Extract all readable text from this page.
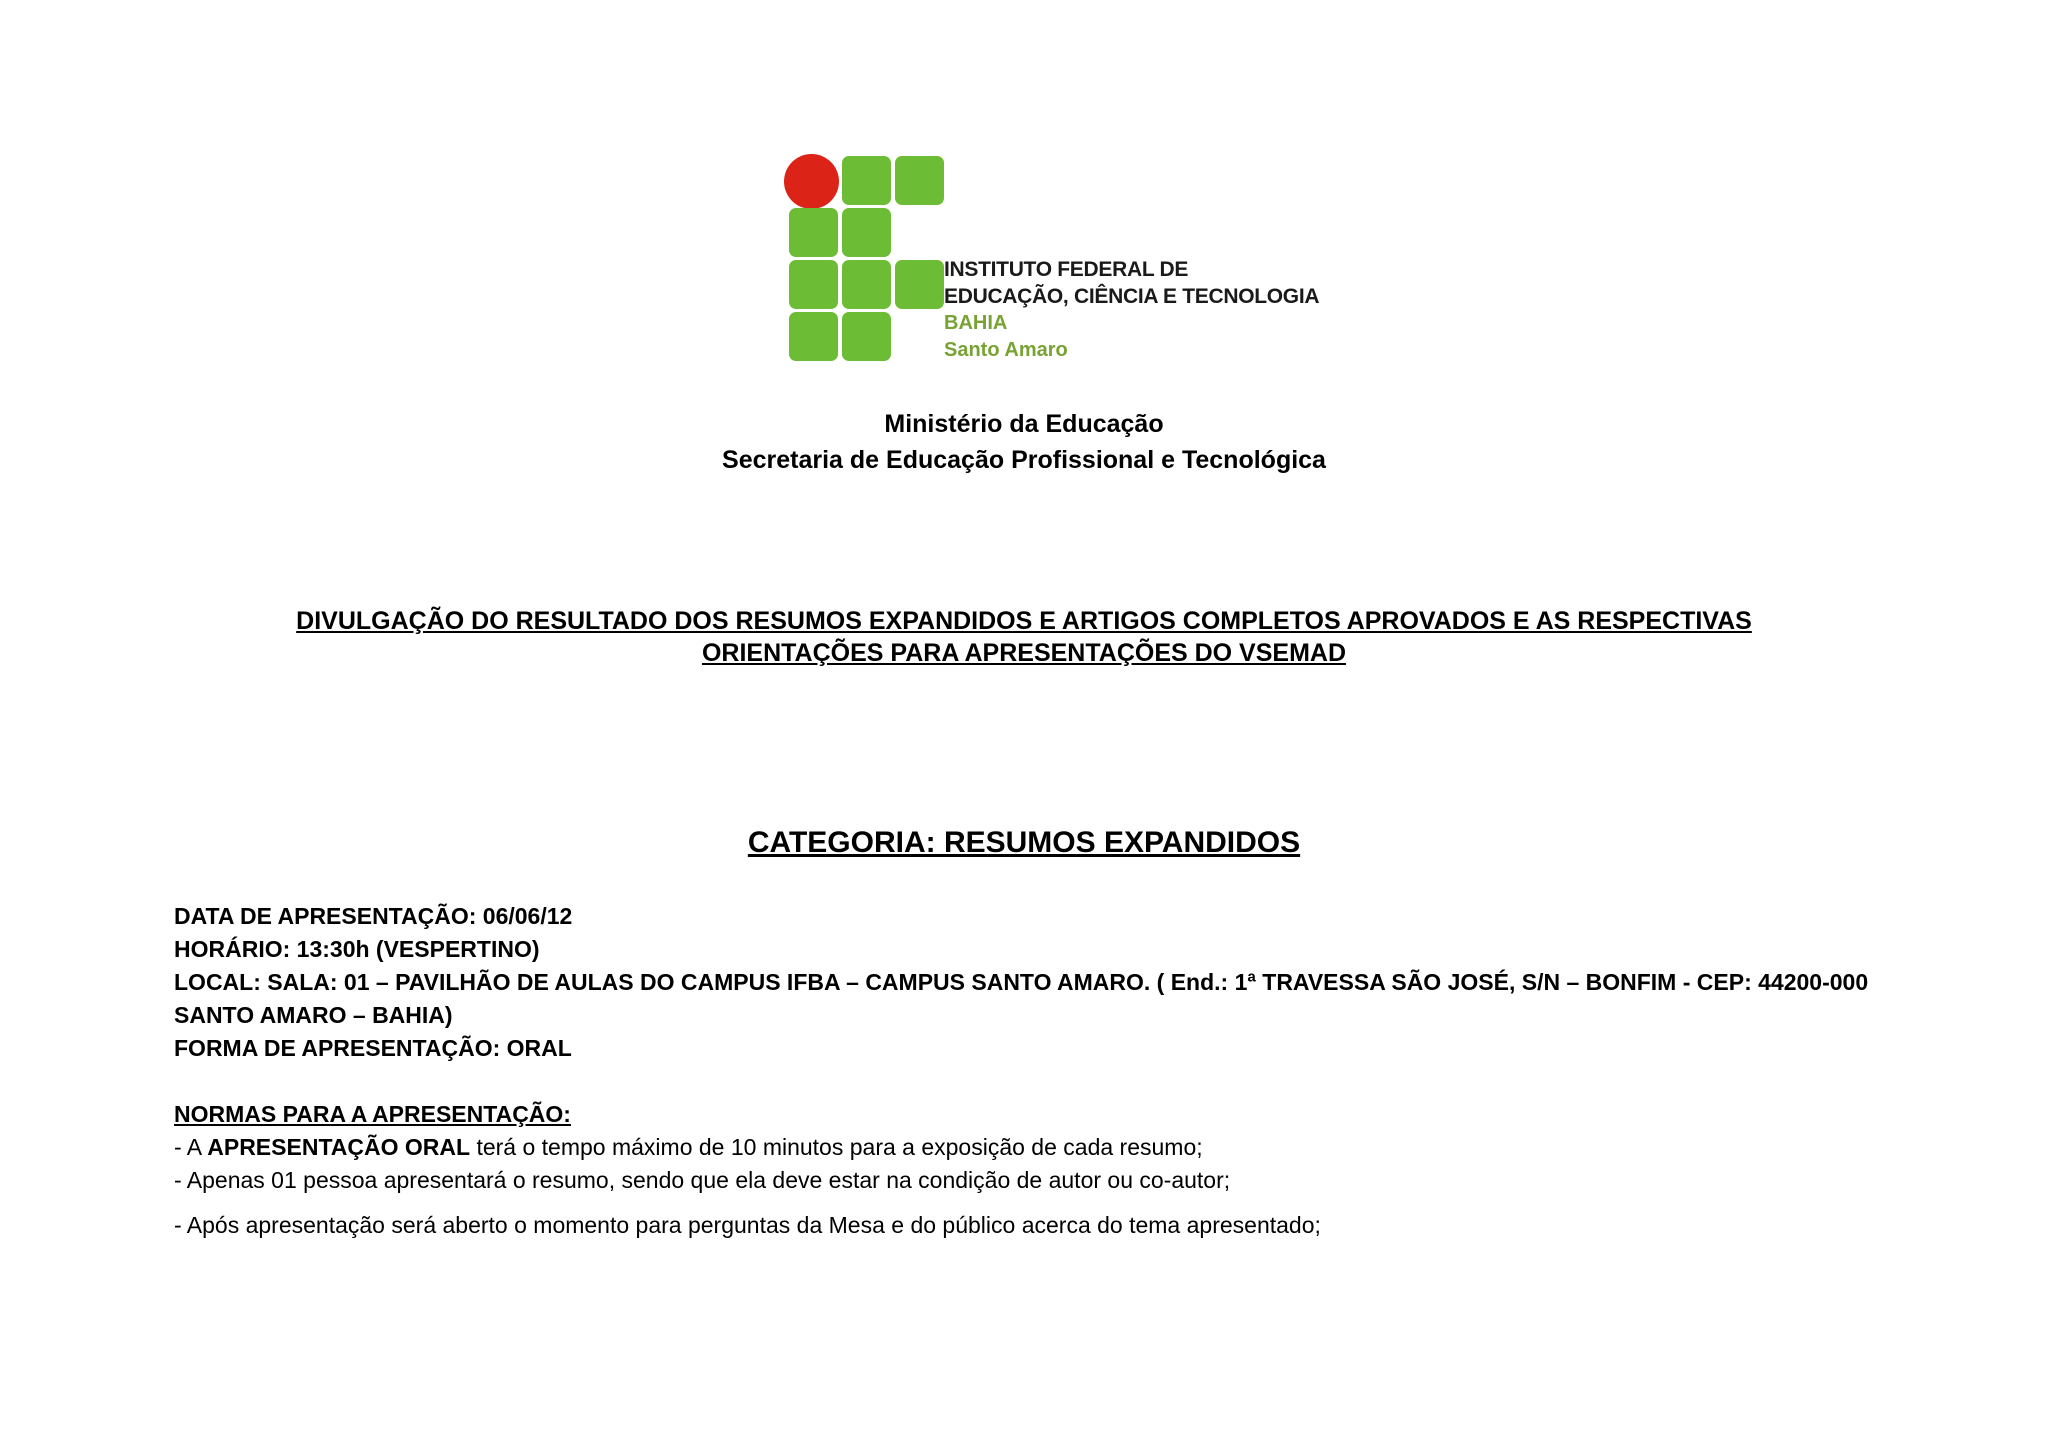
INSTITUTO FEDERAL DE
EDUCAÇÃO, CIÊNCIA E TECNOLOGIA
BAHIA
Santo Amaro
Ministério da Educação
Secretaria de Educação Profissional e Tecnológica
DIVULGAÇÃO DO RESULTADO DOS RESUMOS EXPANDIDOS E ARTIGOS COMPLETOS APROVADOS E AS RESPECTIVAS
ORIENTAÇÕES PARA APRESENTAÇÕES DO VSEMAD
CATEGORIA: RESUMOS EXPANDIDOS
DATA DE APRESENTAÇÃO: 06/06/12
HORÁRIO: 13:30h (VESPERTINO)
LOCAL: SALA: 01 – PAVILHÃO DE AULAS DO CAMPUS IFBA – CAMPUS SANTO AMARO. ( End.: 1ª TRAVESSA SÃO JOSÉ, S/N – BONFIM - CEP: 44200-000
SANTO AMARO – BAHIA)
FORMA DE APRESENTAÇÃO: ORAL
NORMAS PARA A APRESENTAÇÃO:
- A APRESENTAÇÃO ORAL terá o tempo máximo de 10 minutos para a exposição de cada resumo;
- Apenas 01 pessoa apresentará o resumo, sendo que ela deve estar na condição de autor ou co-autor;
- Após apresentação será aberto o momento para perguntas da Mesa e do público acerca do tema apresentado;
